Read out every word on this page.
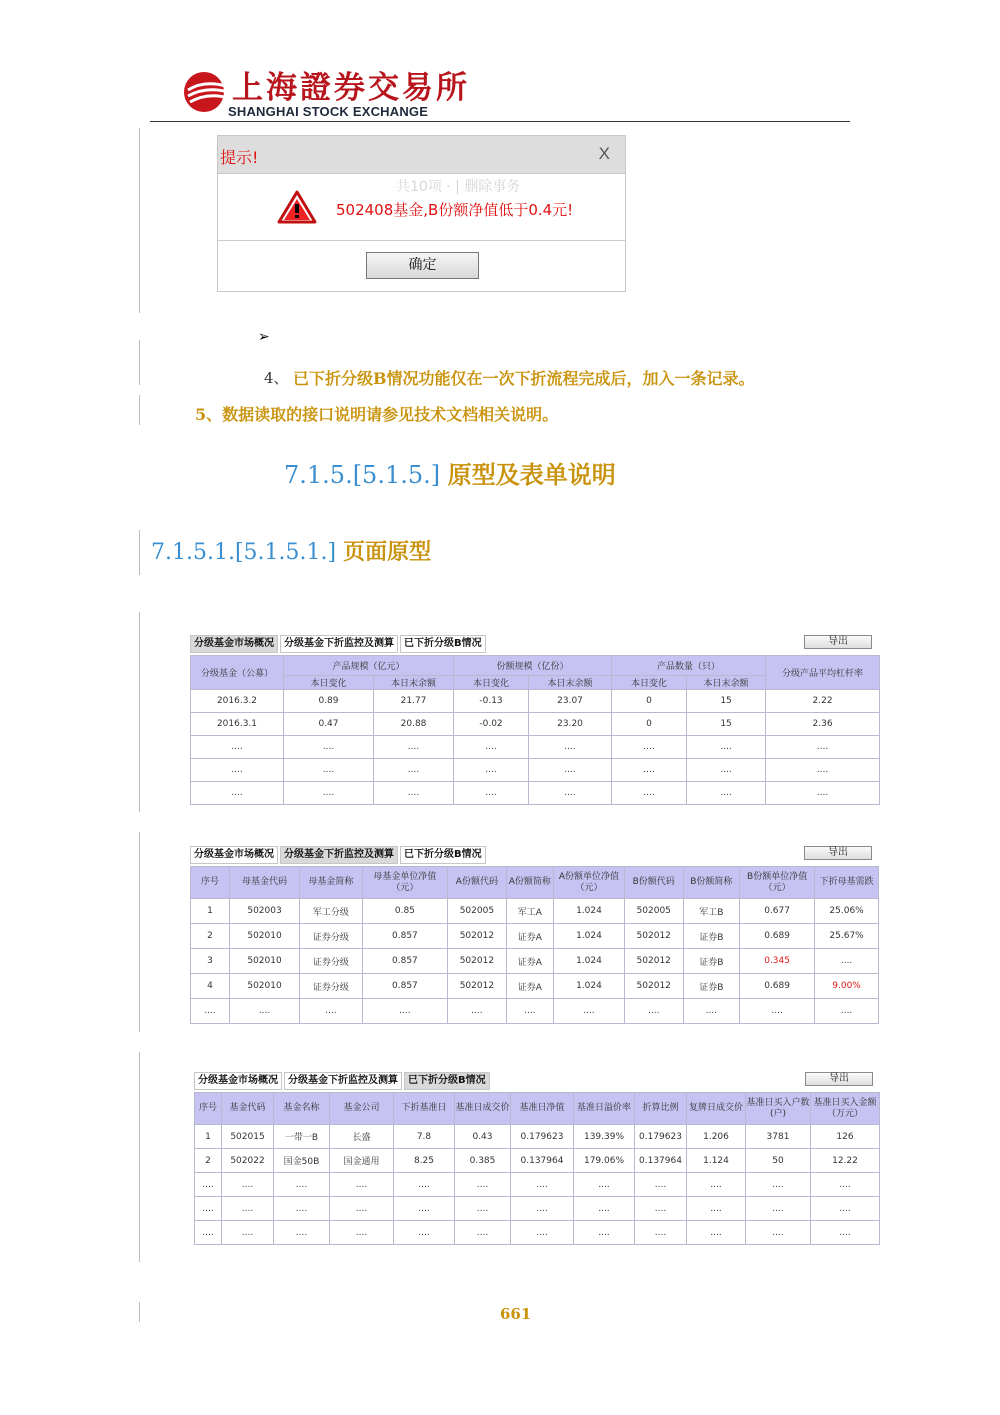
上海證券交易所
SHANGHAI STOCK EXCHANGE
提示!	X
共10项 · | 删除事务
502408基金,B份额净值低于0.4元!
确定
➢
4、 已下折分级B情况功能仅在一次下折流程完成后，加入一条记录。
5、数据读取的接口说明请参见技术文档相关说明。
7.1.5.[5.1.5.] 原型及表单说明
7.1.5.1.[5.1.5.1.] 页面原型
分级基金市场概况	分级基金下折监控及测算	已下折分级B情况	导出
分级基金（公募）	产品规模（亿元）		份额规模（亿份）		产品数量（只）		分级产品平均杠杆率
	本日变化	本日末余额	本日变化	本日末余额	本日变化	本日末余额	
2016.3.2	0.89	21.77	-0.13	23.07	0	15	2.22
2016.3.1	0.47	20.88	-0.02	23.20	0	15	2.36
....	....	....	....	....	....	....	....
....	....	....	....	....	....	....	....
....	....	....	....	....	....	....	....
分级基金市场概况	分级基金下折监控及测算	已下折分级B情况	导出
序号	母基金代码	母基金简称	母基金单位净值（元）	A份额代码	A份额简称	A份额单位净值（元）	B份额代码	B份额简称	B份额单位净值（元）	下折母基需跌
1	502003	军工分级	0.85	502005	军工A	1.024	502005	军工B	0.677	25.06%
2	502010	证券分级	0.857	502012	证券A	1.024	502012	证券B	0.689	25.67%
3	502010	证券分级	0.857	502012	证券A	1.024	502012	证券B	0.345	....
4	502010	证券分级	0.857	502012	证券A	1.024	502012	证券B	0.689	9.00%
....	....	....	....	....	....	....	....	....	....	....
分级基金市场概况	分级基金下折监控及测算	已下折分级B情况	导出
序号	基金代码	基金名称	基金公司	下折基准日	基准日成交价	基准日净值	基准日溢价率	折算比例	复牌日成交价	基准日买入户数(户)	基准日买入金额（万元）
1	502015	一带一B	长盛	7.8	0.43	0.179623	139.39%	0.179623	1.206	3781	126
2	502022	国金50B	国金通用	8.25	0.385	0.137964	179.06%	0.137964	1.124	50	12.22
....	....	....	....	....	....	....	....	....	....	....	....
....	....	....	....	....	....	....	....	....	....	....	....
....	....	....	....	....	....	....	....	....	....	....	....
661
